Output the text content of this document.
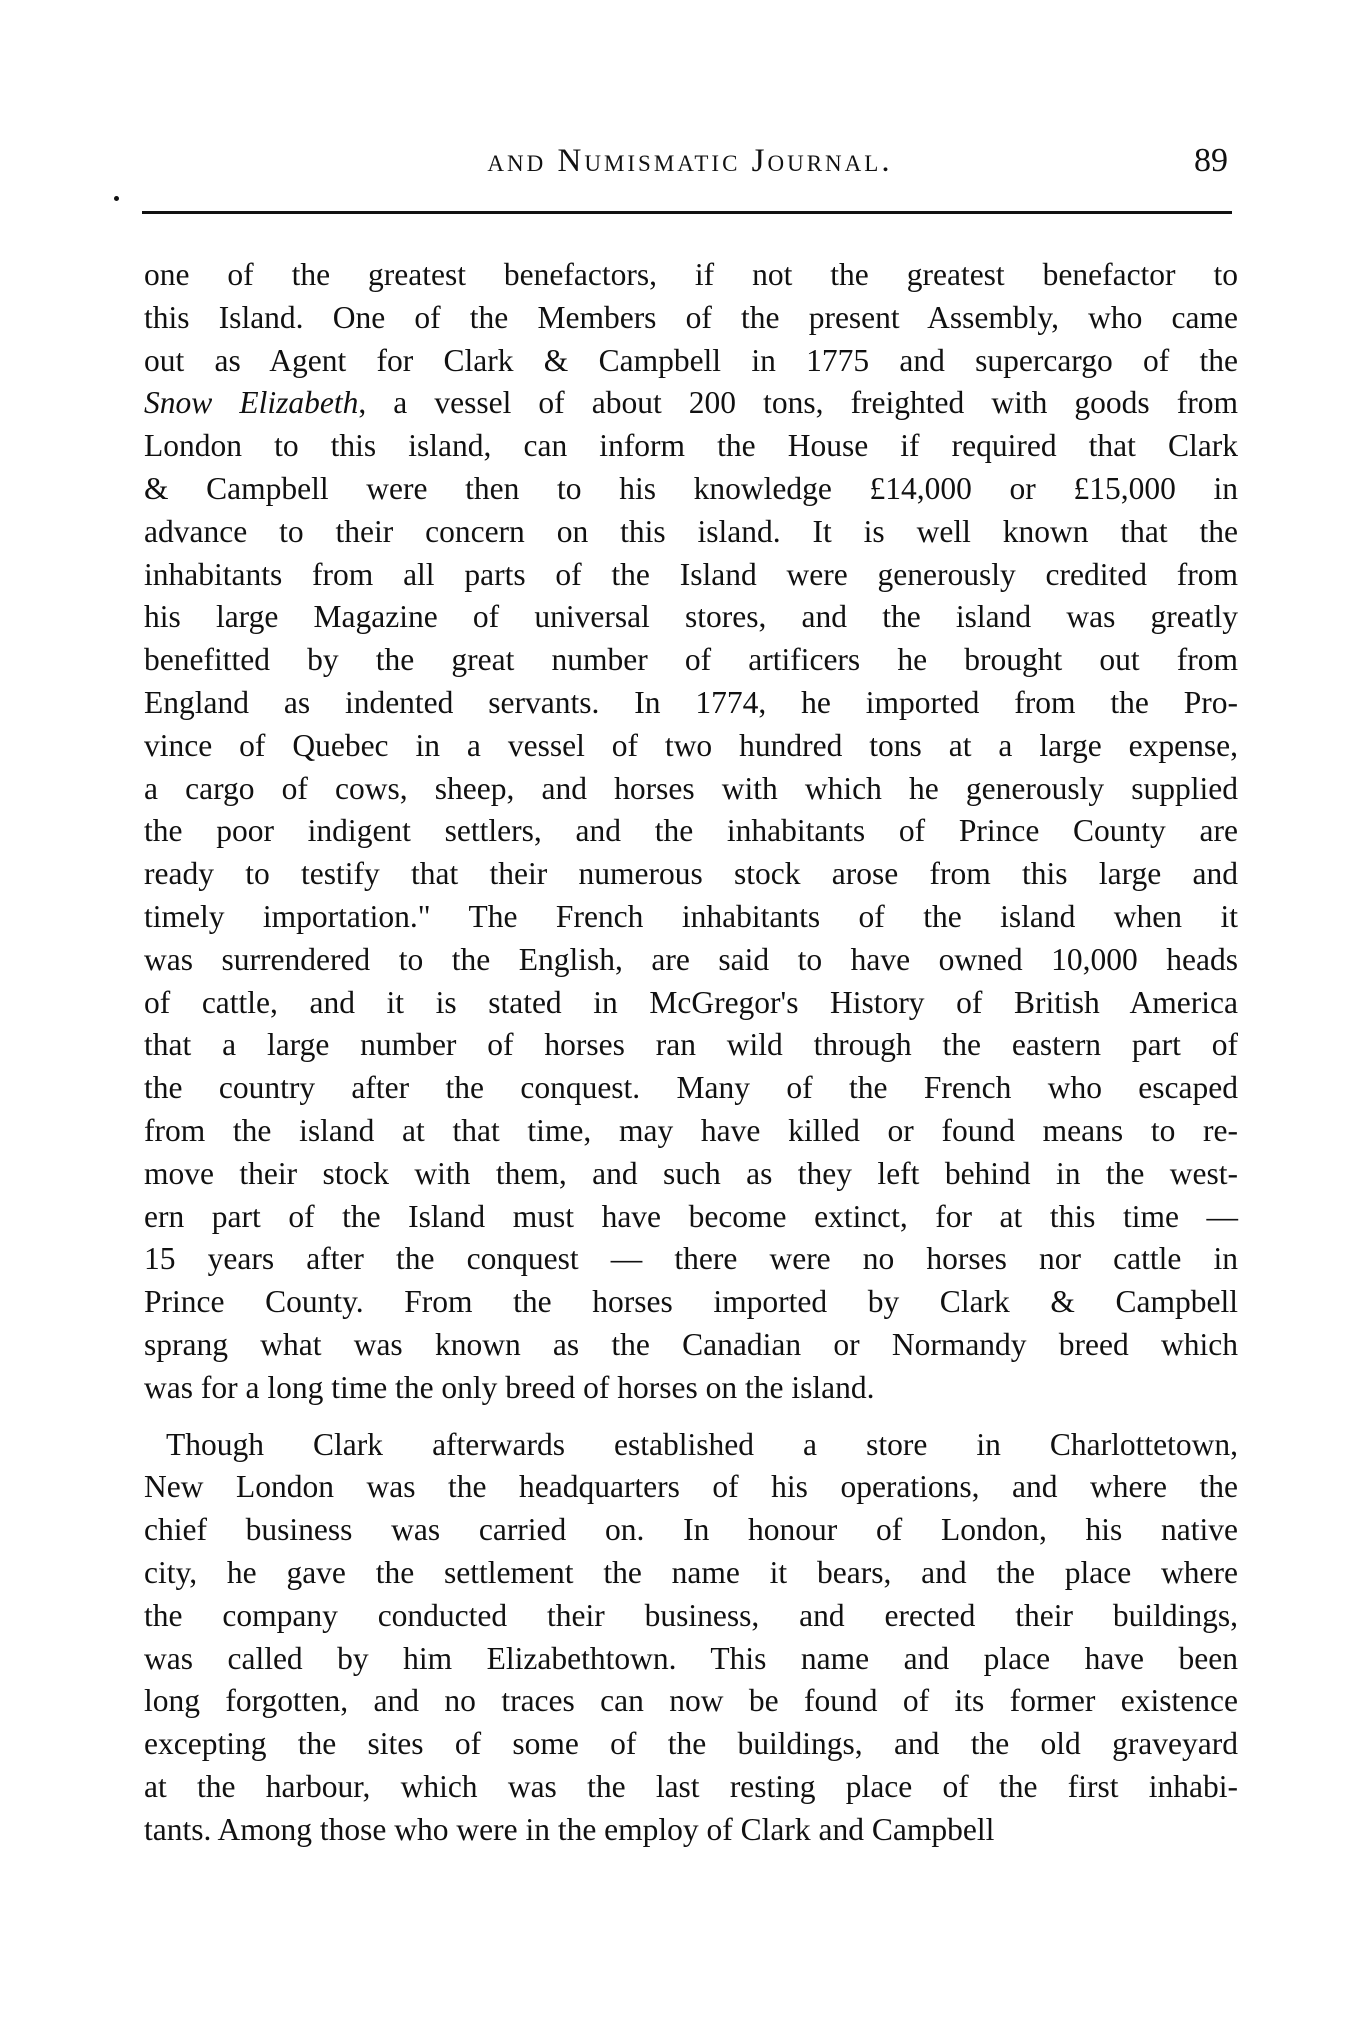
and Numismatic Journal.	89
one of the greatest benefactors, if not the greatest benefactor to
this Island. One of the Members of the present Assembly, who came
out as Agent for Clark & Campbell in 1775 and supercargo of the
Snow Elizabeth, a vessel of about 200 tons, freighted with goods from
London to this island, can inform the House if required that Clark
& Campbell were then to his knowledge £14,000 or £15,000 in
advance to their concern on this island. It is well known that the
inhabitants from all parts of the Island were generously credited from
his large Magazine of universal stores, and the island was greatly
benefitted by the great number of artificers he brought out from
England as indented servants. In 1774, he imported from the Pro-
vince of Quebec in a vessel of two hundred tons at a large expense,
a cargo of cows, sheep, and horses with which he generously supplied
the poor indigent settlers, and the inhabitants of Prince County are
ready to testify that their numerous stock arose from this large and
timely importation." The French inhabitants of the island when it
was surrendered to the English, are said to have owned 10,000 heads
of cattle, and it is stated in McGregor's History of British America
that a large number of horses ran wild through the eastern part of
the country after the conquest. Many of the French who escaped
from the island at that time, may have killed or found means to re-
move their stock with them, and such as they left behind in the west-
ern part of the Island must have become extinct, for at this time —
15 years after the conquest — there were no horses nor cattle in
Prince County. From the horses imported by Clark & Campbell
sprang what was known as the Canadian or Normandy breed which
was for a long time the only breed of horses on the island.
Though Clark afterwards established a store in Charlottetown,
New London was the headquarters of his operations, and where the
chief business was carried on. In honour of London, his native
city, he gave the settlement the name it bears, and the place where
the company conducted their business, and erected their buildings,
was called by him Elizabethtown. This name and place have been
long forgotten, and no traces can now be found of its former existence
excepting the sites of some of the buildings, and the old graveyard
at the harbour, which was the last resting place of the first inhabi-
tants. Among those who were in the employ of Clark and Campbell
